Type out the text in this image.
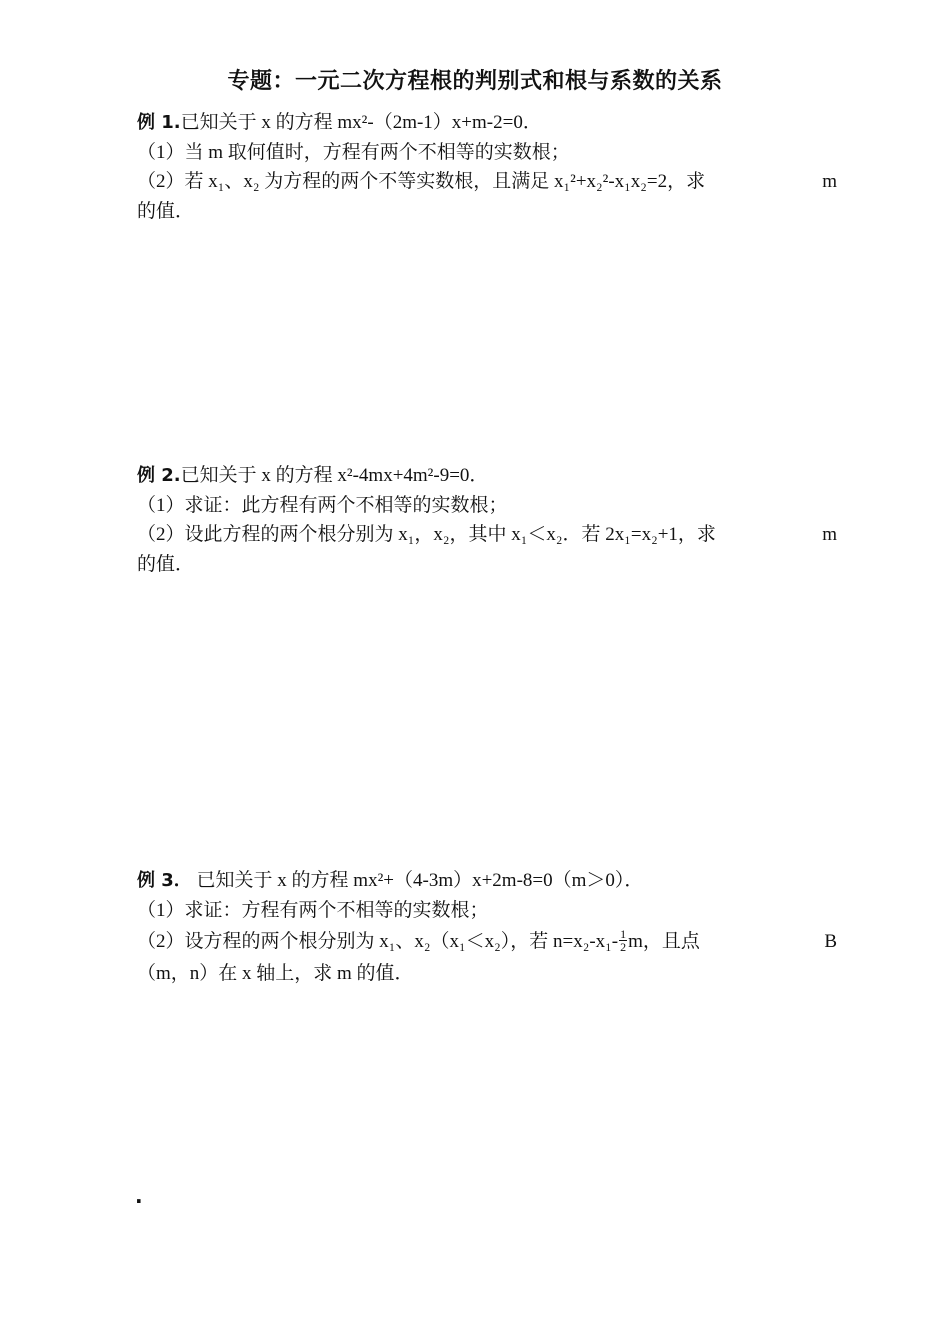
专题：一元二次方程根的判别式和根与系数的关系
例 1.已知关于 x 的方程 mx²-（2m-1）x+m-2=0．
（1）当 m 取何值时，方程有两个不相等的实数根；
（2）若 x₁、x₂ 为方程的两个不等实数根，且满足 x₁²+x₂²-x₁x₂=2，求	m
的值．
例 2.已知关于 x 的方程 x²-4mx+4m²-9=0．
（1）求证：此方程有两个不相等的实数根；
（2）设此方程的两个根分别为 x₁，x₂，其中 x₁＜x₂．若 2x₁=x₂+1，求	m
的值．
例 3． 已知关于 x 的方程 mx²+（4-3m）x+2m-8=0（m＞0）．
（1）求证：方程有两个不相等的实数根；
（2）设方程的两个根分别为 x₁、x₂（x₁＜x₂），若 $n=x_2-x_1- \frac{1}{2}$ m，且点	B
（m，n）在 x 轴上，求 m 的值．
.
